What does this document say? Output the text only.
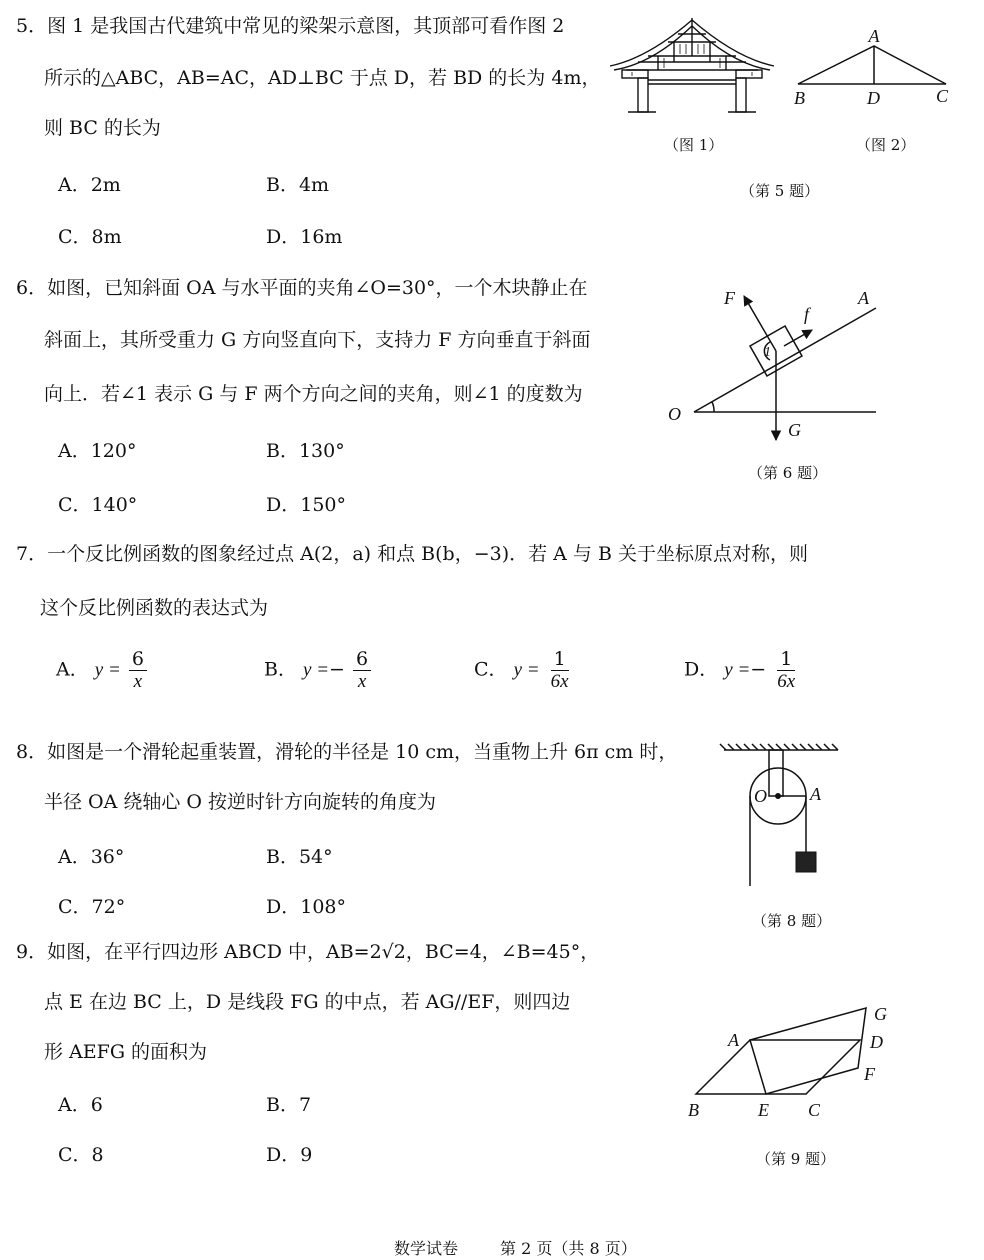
5．图 1 是我国古代建筑中常见的梁架示意图，其顶部可看作图 2
所示的△ABC，AB=AC，AD⊥BC 于点 D，若 BD 的长为 4m，
则 BC 的长为
A．2m	B．4m
C．8m	D．16m
（图 1）
A
B	D	C
（图 2）
（第 5 题）
6．如图，已知斜面 OA 与水平面的夹角∠O=30°，一个木块静止在
斜面上，其所受重力 G 方向竖直向下，支持力 F 方向垂直于斜面
向上．若∠1 表示 G 与 F 两个方向之间的夹角，则∠1 的度数为
A．120°	B．130°
C．140°	D．150°
F
f
A
1
O
G
（第 6 题）
7．一个反比例函数的图象经过点 A(2，a) 和点 B(b，−3)．若 A 与 B 关于坐标原点对称，则
这个反比例函数的表达式为
A． $y = \frac{6}{x}$	B． $y =- \frac{6}{x}$	C． $y = \frac{1}{6x}$	D． $y =- \frac{1}{6x}$
8．如图是一个滑轮起重装置，滑轮的半径是 10 cm，当重物上升 6π cm 时，
半径 OA 绕轴心 O 按逆时针方向旋转的角度为
A．36°	B．54°
C．72°	D．108°
O A
（第 8 题）
9．如图，在平行四边形 ABCD 中，AB=2√2，BC=4，∠B=45°，
点 E 在边 BC 上，D 是线段 FG 的中点，若 AG//EF，则四边
形 AEFG 的面积为
A．6	B．7
C．8	D．9
A
G
D
F
B	E C
（第 9 题）
数学试卷	第 2 页（共 8 页）
